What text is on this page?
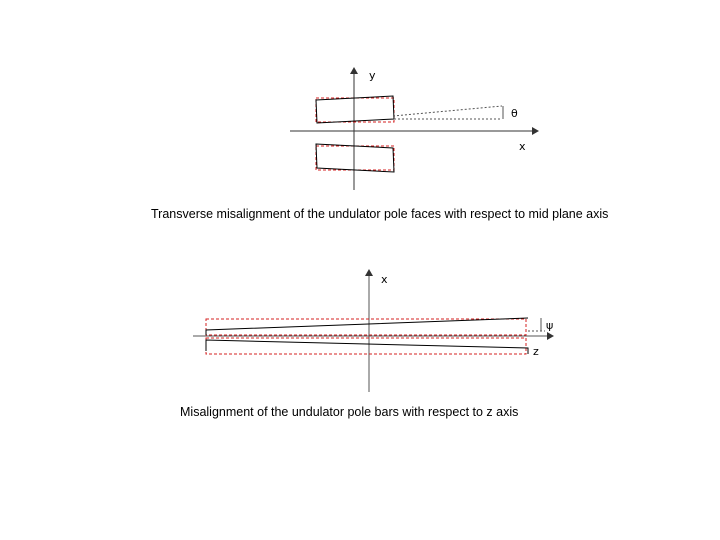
y
x
θ
x
z
ψ

Transverse misalignment of the undulator pole faces with respect to mid plane axis

Misalignment of the undulator pole bars with respect to z axis
